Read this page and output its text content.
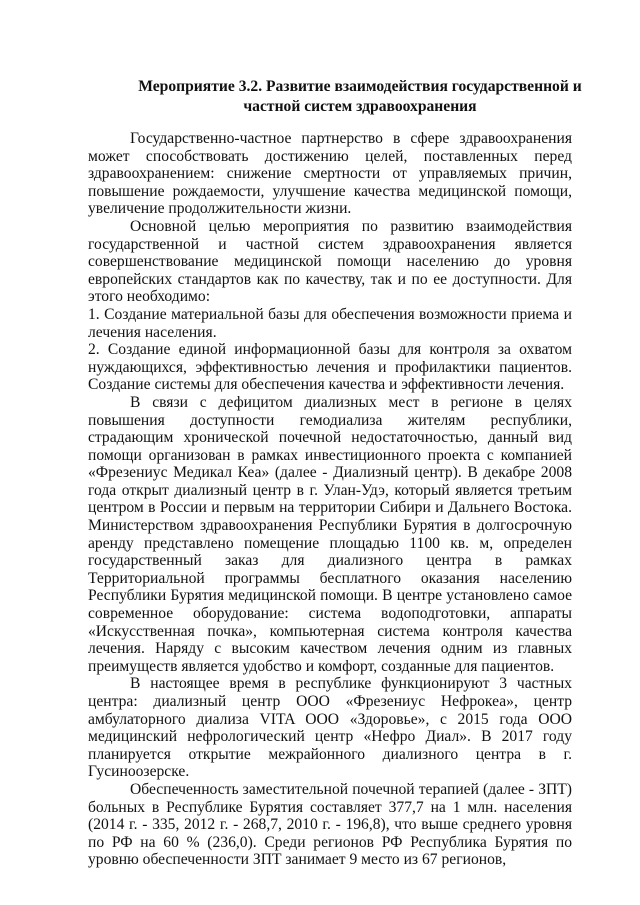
Мероприятие 3.2. Развитие взаимодействия государственной и
частной систем здравоохранения

Государственно-частное партнерство в сфере здравоохранения может способствовать достижению целей, поставленных перед здравоохранением: снижение смертности от управляемых причин, повышение рождаемости, улучшение качества медицинской помощи, увеличение продолжительности жизни.

Основной целью мероприятия по развитию взаимодействия государственной и частной систем здравоохранения является совершенствование медицинской помощи населению до уровня европейских стандартов как по качеству, так и по ее доступности. Для этого необходимо:

1. Создание материальной базы для обеспечения возможности приема и лечения населения.

2. Создание единой информационной базы для контроля за охватом нуждающихся, эффективностью лечения и профилактики пациентов. Создание системы для обеспечения качества и эффективности лечения.

В связи с дефицитом диализных мест в регионе в целях повышения доступности гемодиализа жителям республики, страдающим хронической почечной недостаточностью, данный вид помощи организован в рамках инвестиционного проекта с компанией «Фрезениус Медикал Кеа» (далее - Диализный центр). В декабре 2008 года открыт диализный центр в г. Улан-Удэ, который является третьим центром в России и первым на территории Сибири и Дальнего Востока. Министерством здравоохранения Республики Бурятия в долгосрочную аренду представлено помещение площадью 1100 кв. м, определен государственный заказ для диализного центра в рамках Территориальной программы бесплатного оказания населению Республики Бурятия медицинской помощи. В центре установлено самое современное оборудование: система водоподготовки, аппараты «Искусственная почка», компьютерная система контроля качества лечения. Наряду с высоким качеством лечения одним из главных преимуществ является удобство и комфорт, созданные для пациентов.

В настоящее время в республике функционируют 3 частных центра: диализный центр ООО «Фрезениус Нефрокеа», центр амбулаторного диализа VITA ООО «Здоровье», с 2015 года ООО медицинский нефрологический центр «Нефро Диал». В 2017 году планируется открытие межрайонного диализного центра в г. Гусиноозерске.

Обеспеченность заместительной почечной терапией (далее - ЗПТ) больных в Республике Бурятия составляет 377,7 на 1 млн. населения (2014 г. - 335, 2012 г. - 268,7, 2010 г. - 196,8), что выше среднего уровня по РФ на 60 % (236,0). Среди регионов РФ Республика Бурятия по уровню обеспеченности ЗПТ занимает 9 место из 67 регионов,
